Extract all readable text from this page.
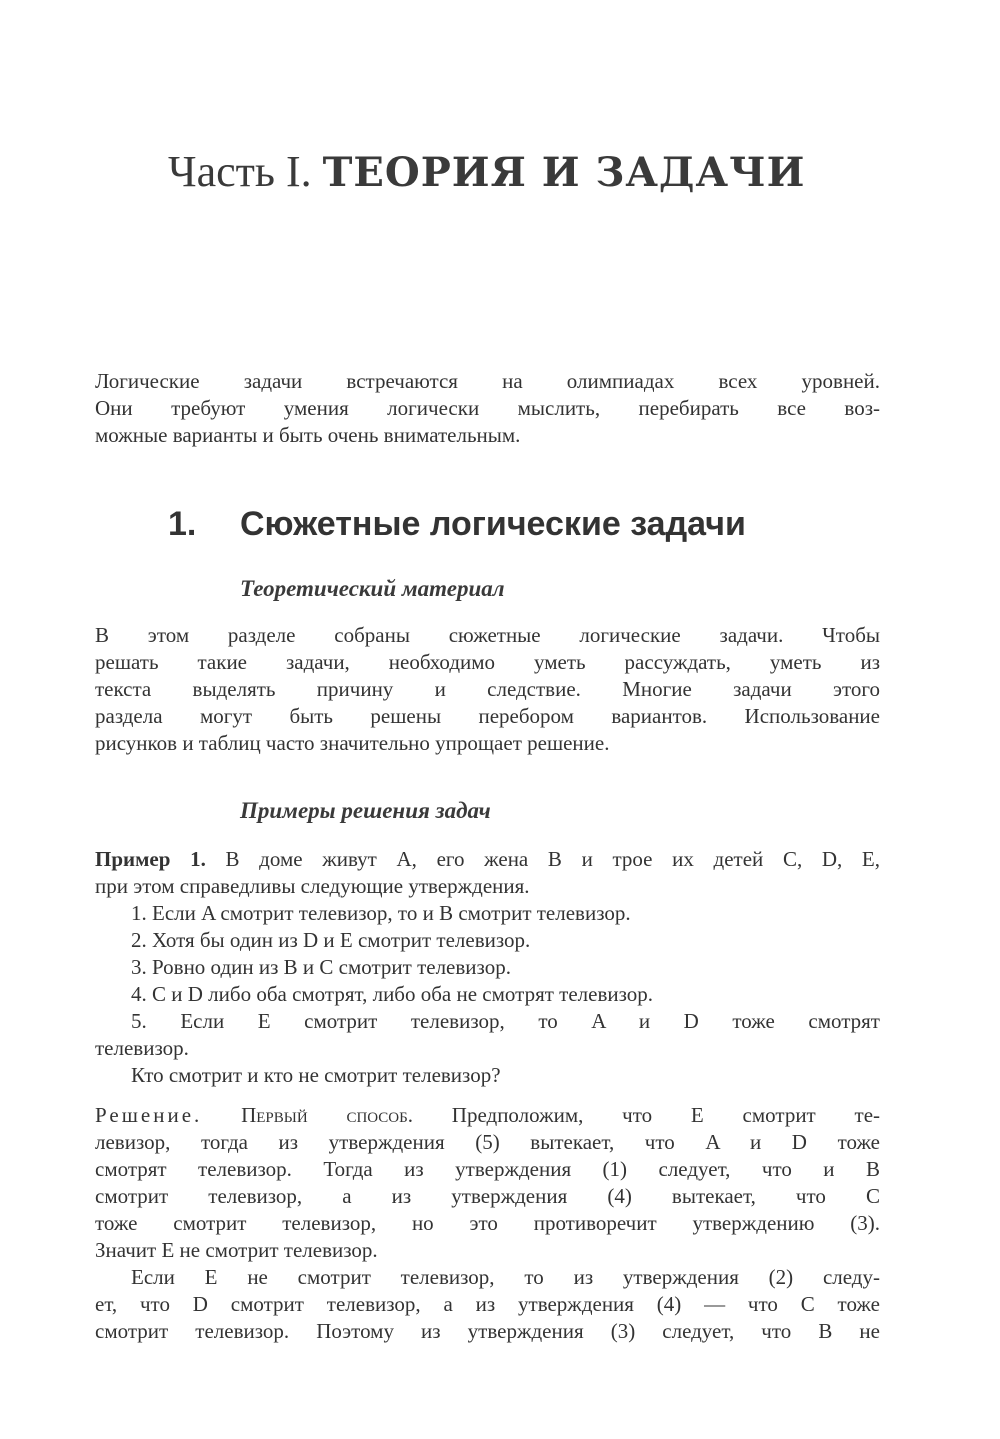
Часть I. ТЕОРИЯ И ЗАДАЧИ
Логические задачи встречаются на олимпиадах всех уровней.
Они требуют умения логически мыслить, перебирать все воз-
можные варианты и быть очень внимательным.
1. Сюжетные логические задачи
Теоретический материал
В этом разделе собраны сюжетные логические задачи. Чтобы
решать такие задачи, необходимо уметь рассуждать, уметь из
текста выделять причину и следствие. Многие задачи этого
раздела могут быть решены перебором вариантов. Использование
рисунков и таблиц часто значительно упрощает решение.
Примеры решения задач
Пример 1. В доме живут A, его жена B и трое их детей C, D, E,
при этом справедливы следующие утверждения.
1. Если A смотрит телевизор, то и B смотрит телевизор.
2. Хотя бы один из D и E смотрит телевизор.
3. Ровно один из B и C смотрит телевизор.
4. C и D либо оба смотрят, либо оба не смотрят телевизор.
5. Если E смотрит телевизор, то A и D тоже смотрят
телевизор.
Кто смотрит и кто не смотрит телевизор?
Решение. Первый способ. Предположим, что E смотрит те-
левизор, тогда из утверждения (5) вытекает, что A и D тоже
смотрят телевизор. Тогда из утверждения (1) следует, что и B
смотрит телевизор, а из утверждения (4) вытекает, что C
тоже смотрит телевизор, но это противоречит утверждению (3).
Значит E не смотрит телевизор.
Если E не смотрит телевизор, то из утверждения (2) следу-
ет, что D смотрит телевизор, а из утверждения (4) — что C тоже
смотрит телевизор. Поэтому из утверждения (3) следует, что B не
